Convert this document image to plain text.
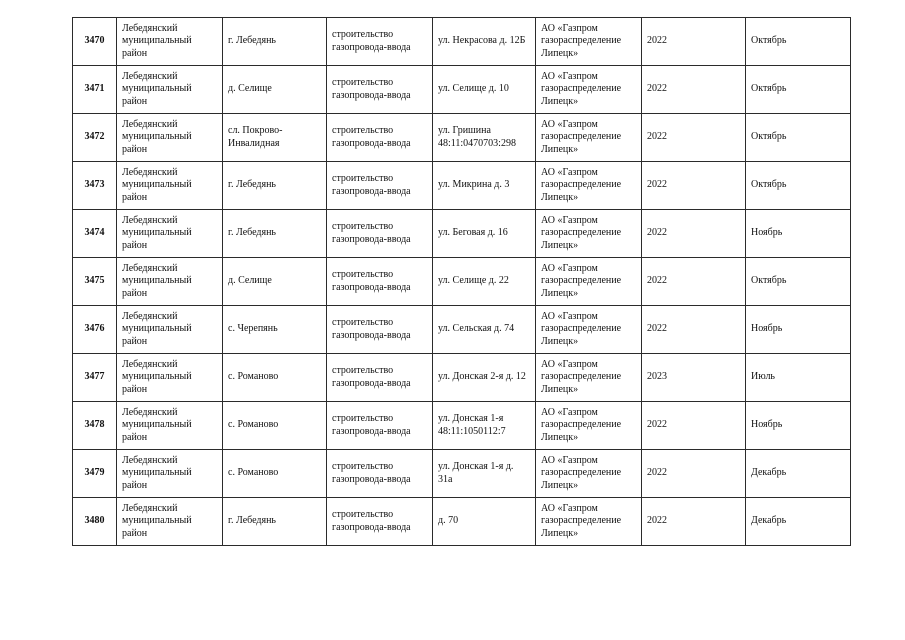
3470	Лебедянский муниципальный район	г. Лебедянь	строительство газопровода-ввода	ул. Некрасова д. 12Б	АО «Газпром газораспределение Липецк»	2022	Октябрь

3471	Лебедянский муниципальный район	д. Селище	строительство газопровода-ввода	ул. Селище д. 10	АО «Газпром газораспределение Липецк»	2022	Октябрь

3472	Лебедянский муниципальный район	сл. Покрово-Инвалидная	строительство газопровода-ввода	ул. Гришина 48:11:0470703:298	АО «Газпром газораспределение Липецк»	2022	Октябрь

3473	Лебедянский муниципальный район	г. Лебедянь	строительство газопровода-ввода	ул. Микрина д. 3	АО «Газпром газораспределение Липецк»	2022	Октябрь

3474	Лебедянский муниципальный район	г. Лебедянь	строительство газопровода-ввода	ул. Беговая д. 16	АО «Газпром газораспределение Липецк»	2022	Ноябрь

3475	Лебедянский муниципальный район	д. Селище	строительство газопровода-ввода	ул. Селище д. 22	АО «Газпром газораспределение Липецк»	2022	Октябрь

3476	Лебедянский муниципальный район	с. Черепянь	строительство газопровода-ввода	ул. Сельская д. 74	АО «Газпром газораспределение Липецк»	2022	Ноябрь

3477	Лебедянский муниципальный район	с. Романово	строительство газопровода-ввода	ул. Донская 2-я д. 12	АО «Газпром газораспределение Липецк»	2023	Июль

3478	Лебедянский муниципальный район	с. Романово	строительство газопровода-ввода	ул. Донская 1-я 48:11:1050112:7	АО «Газпром газораспределение Липецк»	2022	Ноябрь

3479	Лебедянский муниципальный район	с. Романово	строительство газопровода-ввода	ул. Донская 1-я д. 31а	АО «Газпром газораспределение Липецк»	2022	Декабрь

3480	Лебедянский муниципальный район	г. Лебедянь	строительство газопровода-ввода	д. 70	АО «Газпром газораспределение Липецк»	2022	Декабрь
